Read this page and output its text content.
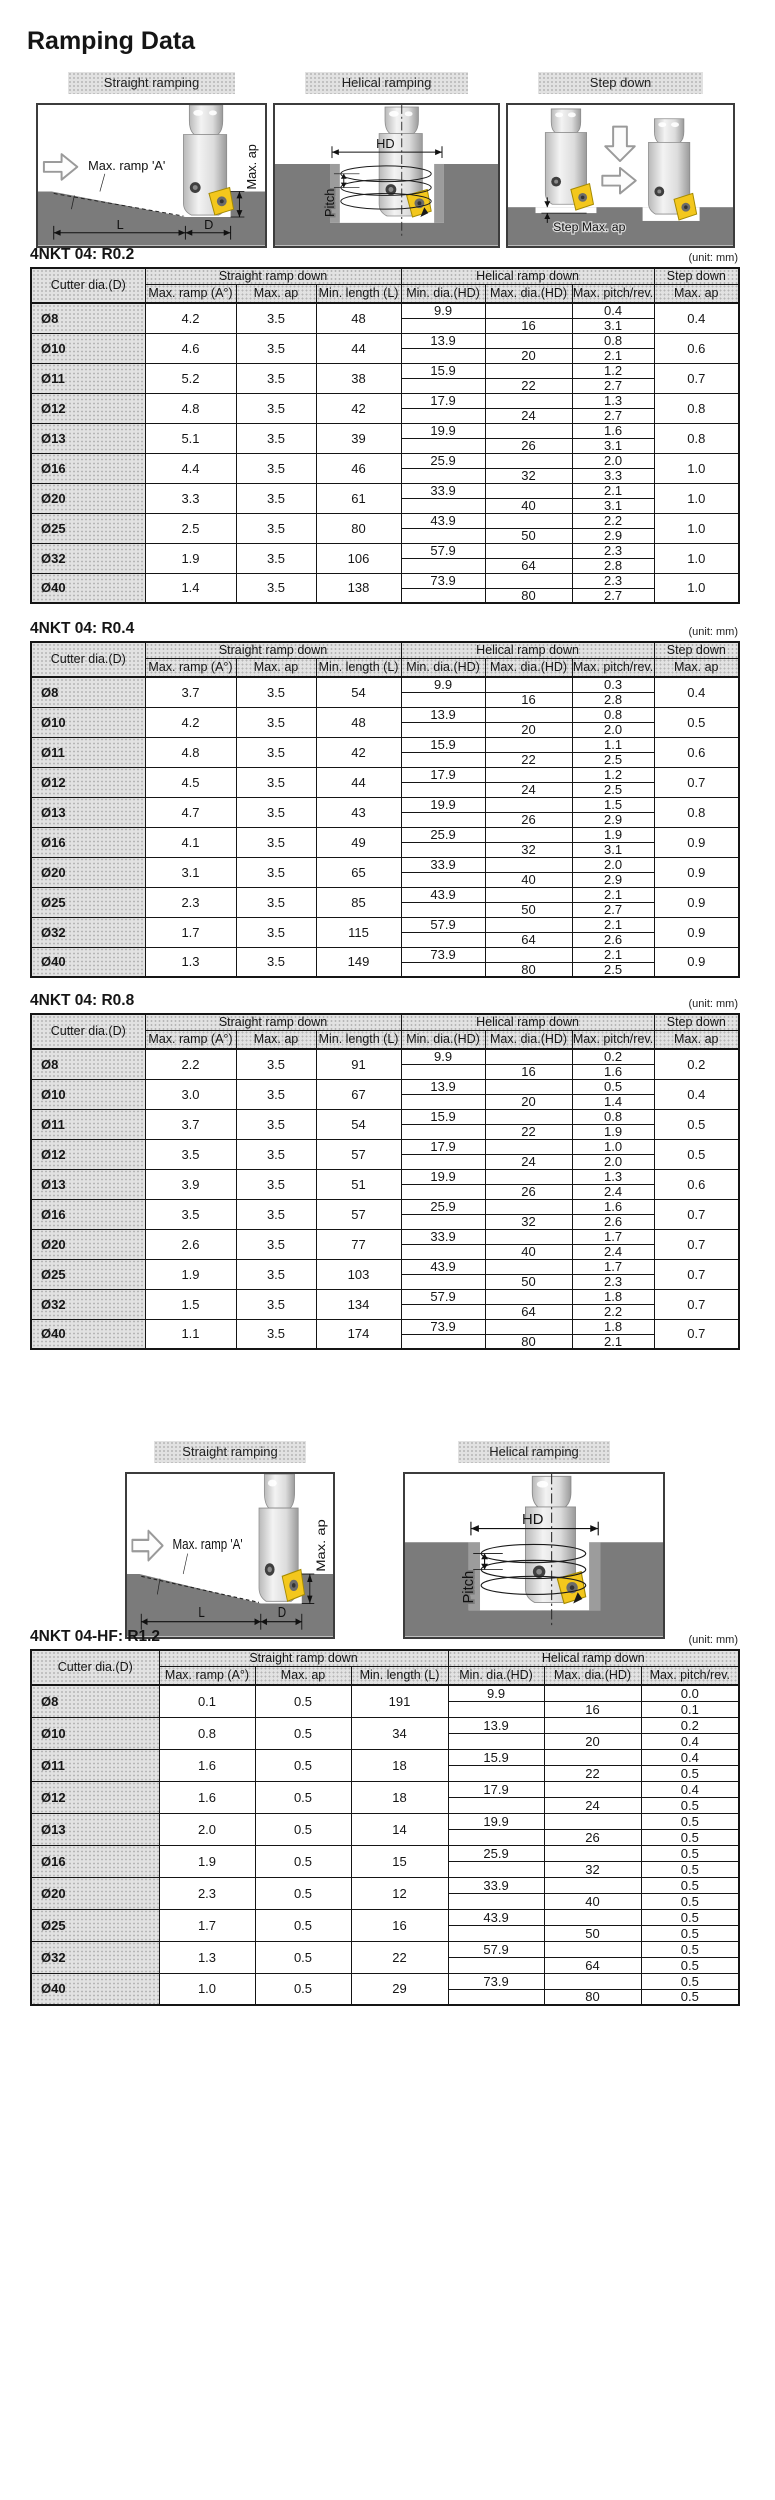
Ramping Data
Straight ramping
Max. ramp 'A'
L	D
Max. ap
Helical ramping
HD
Pitch
Step down
Step Max. ap
4NKT 04: R0.2	(unit: mm)
Cutter dia.(D)	Straight ramp down			Helical ramp down			Step down
	Max. ramp (A°)	Max. ap	Min. length (L)	Min. dia.(HD)	Max. dia.(HD)	Max. pitch/rev.	Max. ap
Ø8	4.2	3.5	48	9.9		0.4	0.4
					16	3.1	
Ø10	4.6	3.5	44	13.9		0.8	0.6
					20	2.1	
Ø11	5.2	3.5	38	15.9		1.2	0.7
					22	2.7	
Ø12	4.8	3.5	42	17.9		1.3	0.8
					24	2.7	
Ø13	5.1	3.5	39	19.9		1.6	0.8
					26	3.1	
Ø16	4.4	3.5	46	25.9		2.0	1.0
					32	3.3	
Ø20	3.3	3.5	61	33.9		2.1	1.0
					40	3.1	
Ø25	2.5	3.5	80	43.9		2.2	1.0
					50	2.9	
Ø32	1.9	3.5	106	57.9		2.3	1.0
					64	2.8	
Ø40	1.4	3.5	138	73.9		2.3	1.0
					80	2.7	
4NKT 04: R0.4	(unit: mm)
Cutter dia.(D)	Straight ramp down			Helical ramp down			Step down
	Max. ramp (A°)	Max. ap	Min. length (L)	Min. dia.(HD)	Max. dia.(HD)	Max. pitch/rev.	Max. ap
Ø8	3.7	3.5	54	9.9		0.3	0.4
					16	2.8	
Ø10	4.2	3.5	48	13.9		0.8	0.5
					20	2.0	
Ø11	4.8	3.5	42	15.9		1.1	0.6
					22	2.5	
Ø12	4.5	3.5	44	17.9		1.2	0.7
					24	2.5	
Ø13	4.7	3.5	43	19.9		1.5	0.8
					26	2.9	
Ø16	4.1	3.5	49	25.9		1.9	0.9
					32	3.1	
Ø20	3.1	3.5	65	33.9		2.0	0.9
					40	2.9	
Ø25	2.3	3.5	85	43.9		2.1	0.9
					50	2.7	
Ø32	1.7	3.5	115	57.9		2.1	0.9
					64	2.6	
Ø40	1.3	3.5	149	73.9		2.1	0.9
					80	2.5	
4NKT 04: R0.8	(unit: mm)
Cutter dia.(D)	Straight ramp down			Helical ramp down			Step down
	Max. ramp (A°)	Max. ap	Min. length (L)	Min. dia.(HD)	Max. dia.(HD)	Max. pitch/rev.	Max. ap
Ø8	2.2	3.5	91	9.9		0.2	0.2
					16	1.6	
Ø10	3.0	3.5	67	13.9		0.5	0.4
					20	1.4	
Ø11	3.7	3.5	54	15.9		0.8	0.5
					22	1.9	
Ø12	3.5	3.5	57	17.9		1.0	0.5
					24	2.0	
Ø13	3.9	3.5	51	19.9		1.3	0.6
					26	2.4	
Ø16	3.5	3.5	57	25.9		1.6	0.7
					32	2.6	
Ø20	2.6	3.5	77	33.9		1.7	0.7
					40	2.4	
Ø25	1.9	3.5	103	43.9		1.7	0.7
					50	2.3	
Ø32	1.5	3.5	134	57.9		1.8	0.7
					64	2.2	
Ø40	1.1	3.5	174	73.9		1.8	0.7
					80	2.1	
Straight ramping
Max. ramp 'A'
L	D
Max. ap
Helical ramping
HD
Pitch
4NKT 04-HF: R1.2	(unit: mm)
Cutter dia.(D)	Straight ramp down			Helical ramp down		
	Max. ramp (A°)	Max. ap	Min. length (L)	Min. dia.(HD)	Max. dia.(HD)	Max. pitch/rev.
Ø8	0.1	0.5	191	9.9		0.0
					16	0.1
Ø10	0.8	0.5	34	13.9		0.2
					20	0.4
Ø11	1.6	0.5	18	15.9		0.4
					22	0.5
Ø12	1.6	0.5	18	17.9		0.4
					24	0.5
Ø13	2.0	0.5	14	19.9		0.5
					26	0.5
Ø16	1.9	0.5	15	25.9		0.5
					32	0.5
Ø20	2.3	0.5	12	33.9		0.5
					40	0.5
Ø25	1.7	0.5	16	43.9		0.5
					50	0.5
Ø32	1.3	0.5	22	57.9		0.5
					64	0.5
Ø40	1.0	0.5	29	73.9		0.5
					80	0.5
